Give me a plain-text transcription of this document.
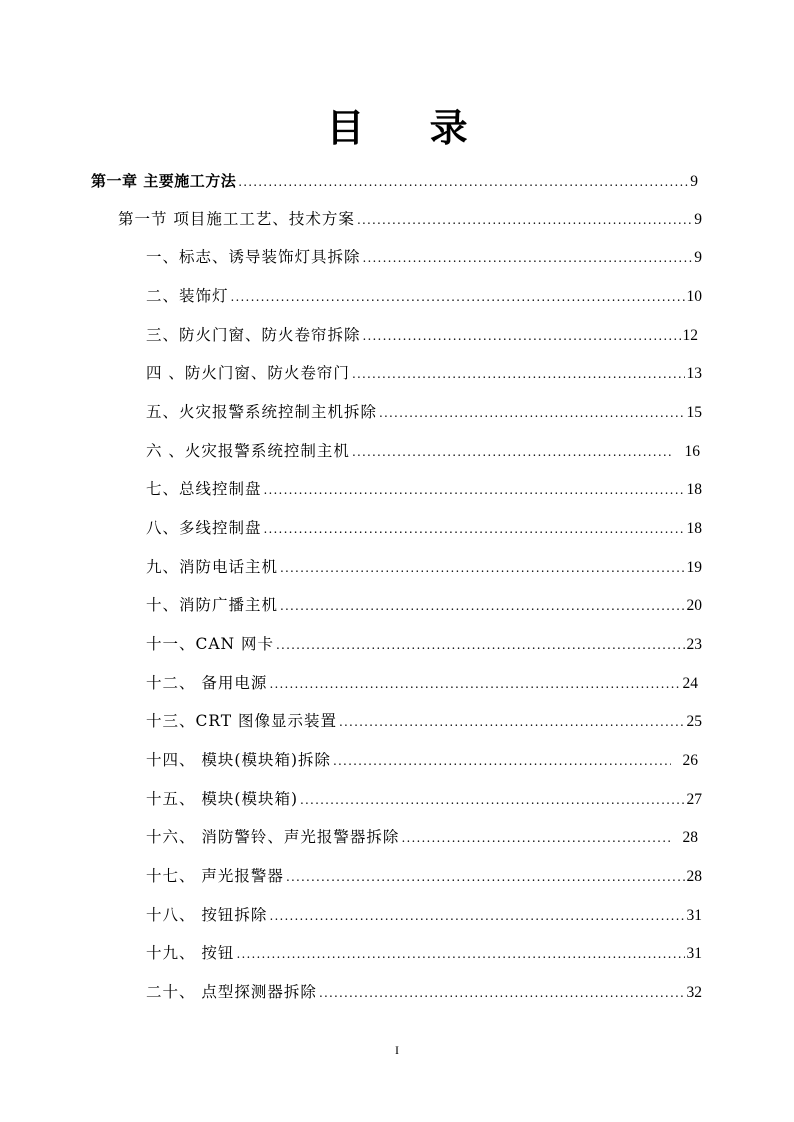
目 录
第一章 主要施工方法 .....	9
第一节 项目施工工艺、技术方案 .....	9
一、标志、诱导装饰灯具拆除 .....	9
二、装饰灯 .....	10
三、防火门窗、防火卷帘拆除 .....	12
四 、防火门窗、防火卷帘门 .....	13
五、火灾报警系统控制主机拆除 .....	15
六 、火灾报警系统控制主机 .....	16
七、总线控制盘 .....	18
八、多线控制盘 .....	18
九、消防电话主机 .....	19
十、消防广播主机 .....	20
十一、CAN 网卡 .....	23
十二、 备用电源 .....	24
十三、CRT 图像显示装置 .....	25
十四、 模块(模块箱)拆除 .....	26
十五、 模块(模块箱) .....	27
十六、 消防警铃、声光报警器拆除 .....	28
十七、 声光报警器 .....	28
十八、 按钮拆除 .....	31
十九、 按钮 .....	31
二十、 点型探测器拆除 .....	32
I
